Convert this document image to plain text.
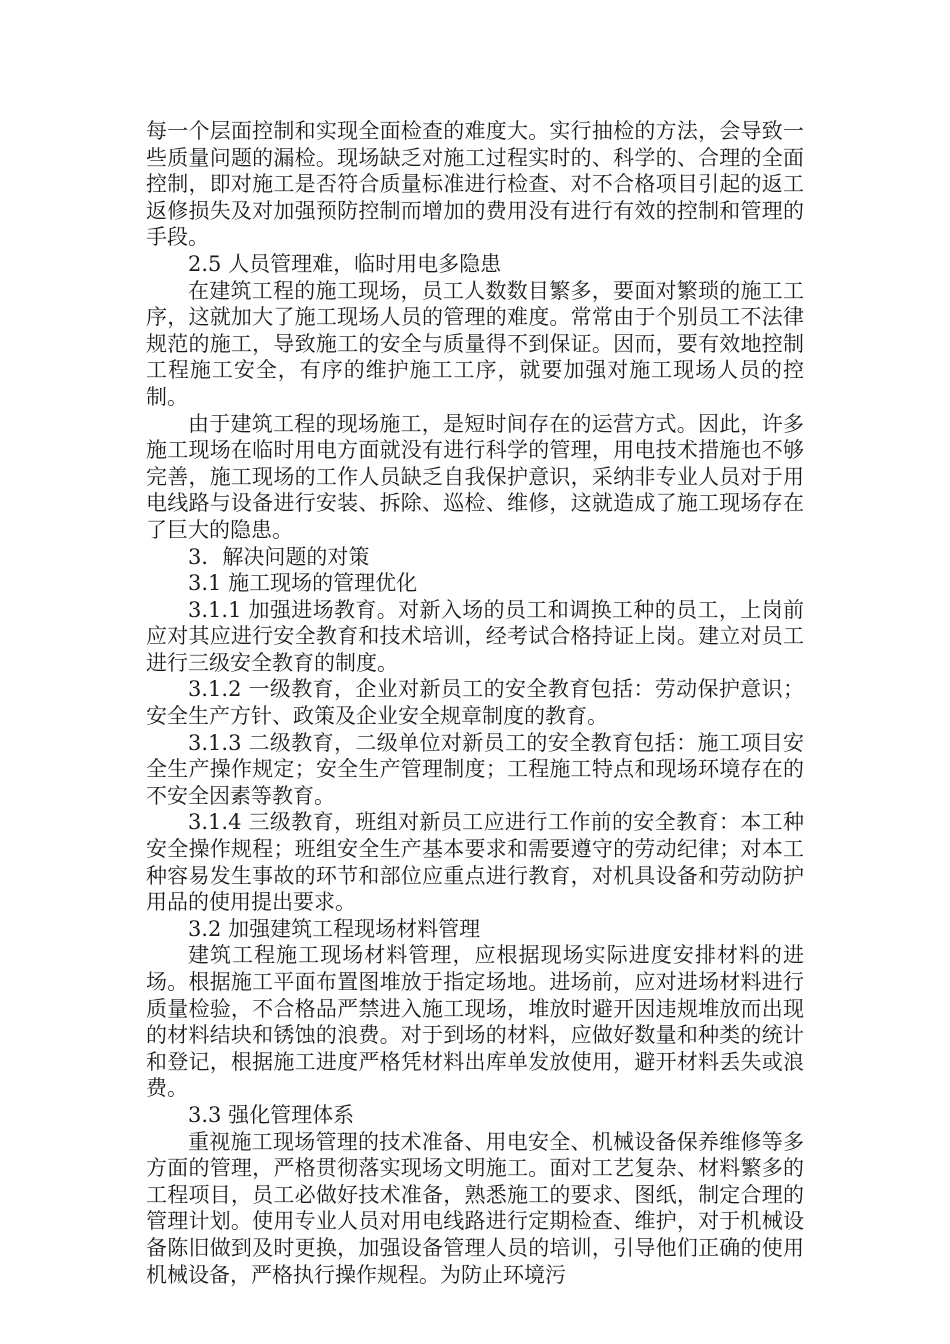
每一个层面控制和实现全面检查的难度大。实行抽检的方法，会导致一些质量问题的漏检。现场缺乏对施工过程实时的、科学的、合理的全面控制，即对施工是否符合质量标准进行检查、对不合格项目引起的返工返修损失及对加强预防控制而增加的费用没有进行有效的控制和管理的手段。

2.5 人员管理难，临时用电多隐患

在建筑工程的施工现场，员工人数数目繁多，要面对繁琐的施工工序，这就加大了施工现场人员的管理的难度。常常由于个别员工不法律规范的施工，导致施工的安全与质量得不到保证。因而，要有效地控制工程施工安全，有序的维护施工工序，就要加强对施工现场人员的控制。

由于建筑工程的现场施工，是短时间存在的运营方式。因此，许多施工现场在临时用电方面就没有进行科学的管理，用电技术措施也不够完善，施工现场的工作人员缺乏自我保护意识，采纳非专业人员对于用电线路与设备进行安装、拆除、巡检、维修，这就造成了施工现场存在了巨大的隐患。

3．解决问题的对策

3.1 施工现场的管理优化

3.1.1 加强进场教育。对新入场的员工和调换工种的员工，上岗前应对其应进行安全教育和技术培训，经考试合格持证上岗。建立对员工进行三级安全教育的制度。

3.1.2 一级教育，企业对新员工的安全教育包括：劳动保护意识；安全生产方针、政策及企业安全规章制度的教育。

3.1.3 二级教育，二级单位对新员工的安全教育包括：施工项目安全生产操作规定；安全生产管理制度；工程施工特点和现场环境存在的不安全因素等教育。

3.1.4 三级教育，班组对新员工应进行工作前的安全教育：本工种安全操作规程；班组安全生产基本要求和需要遵守的劳动纪律；对本工种容易发生事故的环节和部位应重点进行教育，对机具设备和劳动防护用品的使用提出要求。

3.2 加强建筑工程现场材料管理

建筑工程施工现场材料管理，应根据现场实际进度安排材料的进场。根据施工平面布置图堆放于指定场地。进场前，应对进场材料进行质量检验，不合格品严禁进入施工现场，堆放时避开因违规堆放而出现的材料结块和锈蚀的浪费。对于到场的材料，应做好数量和种类的统计和登记，根据施工进度严格凭材料出库单发放使用，避开材料丢失或浪费。

3.3 强化管理体系

重视施工现场管理的技术准备、用电安全、机械设备保养维修等多方面的管理，严格贯彻落实现场文明施工。面对工艺复杂、材料繁多的工程项目，员工必做好技术准备，熟悉施工的要求、图纸，制定合理的管理计划。使用专业人员对用电线路进行定期检查、维护，对于机械设备陈旧做到及时更换，加强设备管理人员的培训，引导他们正确的使用机械设备，严格执行操作规程。为防止环境污
